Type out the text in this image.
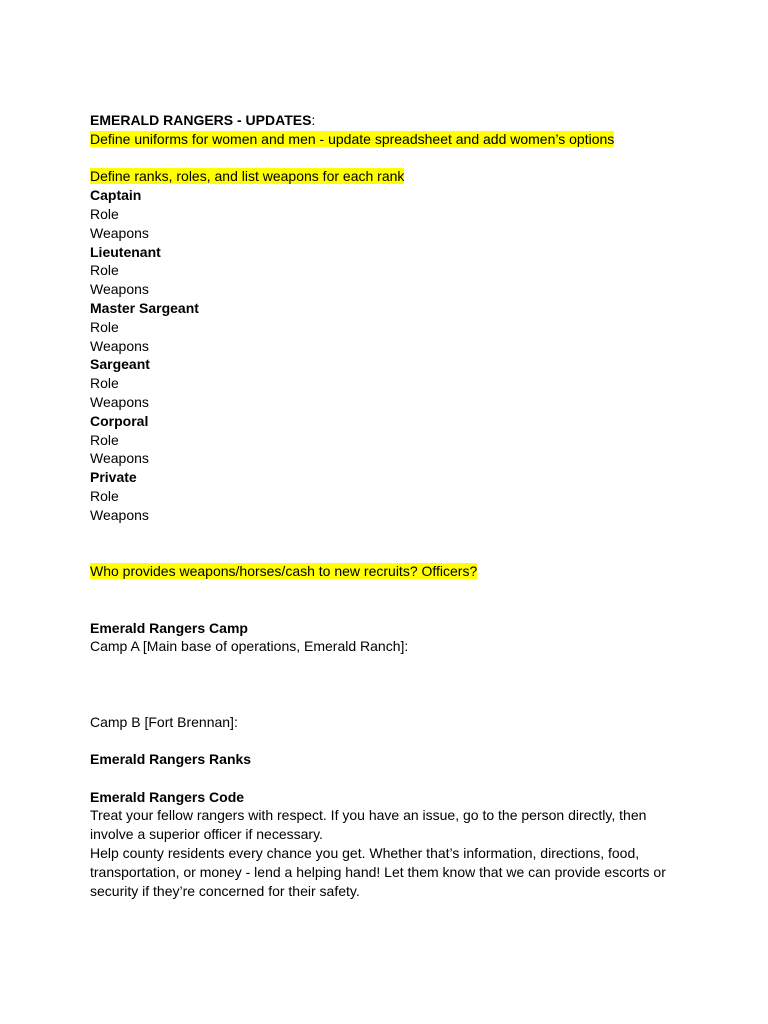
EMERALD RANGERS - UPDATES:
Define uniforms for women and men - update spreadsheet and add women’s options
Define ranks, roles, and list weapons for each rank
Captain
Role
Weapons
Lieutenant
Role
Weapons
Master Sargeant
Role
Weapons
Sargeant
Role
Weapons
Corporal
Role
Weapons
Private
Role
Weapons
Who provides weapons/horses/cash to new recruits? Officers?
Emerald Rangers Camp
Camp A [Main base of operations, Emerald Ranch]:
Camp B [Fort Brennan]:
Emerald Rangers Ranks
Emerald Rangers Code
Treat your fellow rangers with respect. If you have an issue, go to the person directly, then involve a superior officer if necessary.
Help county residents every chance you get. Whether that’s information, directions, food, transportation, or money - lend a helping hand! Let them know that we can provide escorts or security if they’re concerned for their safety.
